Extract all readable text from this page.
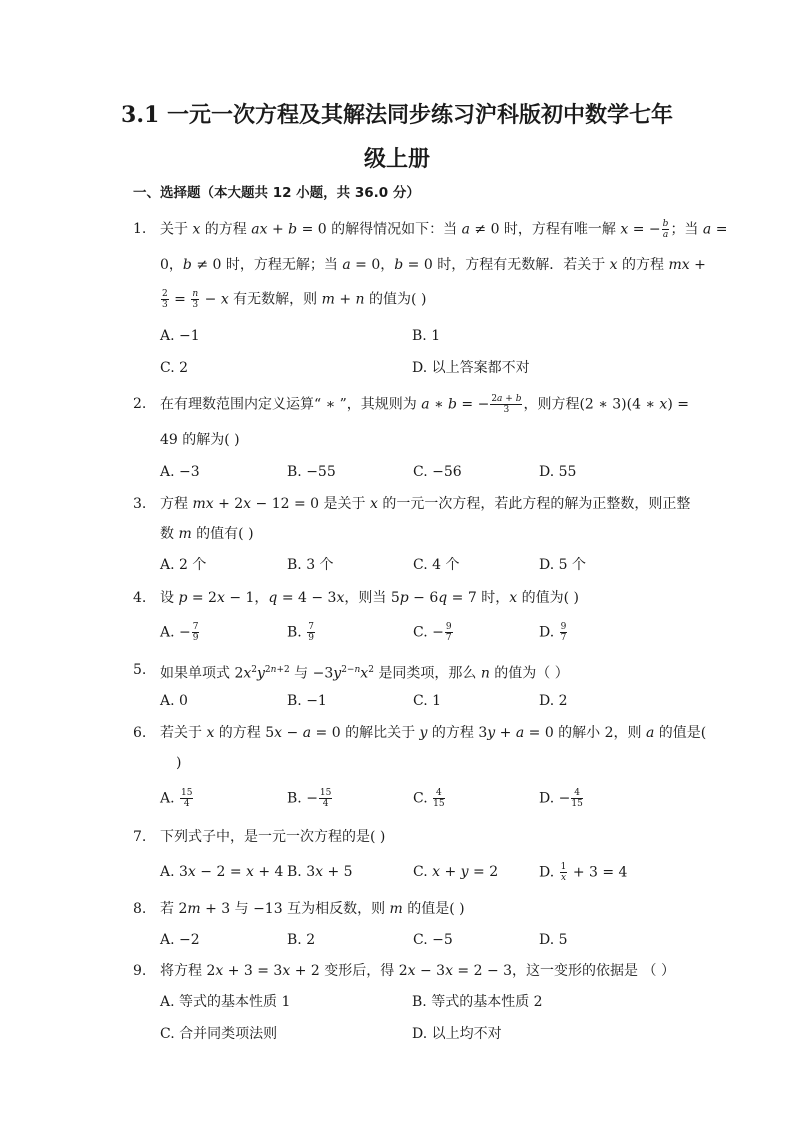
3.1 一元一次方程及其解法同步练习沪科版初中数学七年
级上册
一、选择题（本大题共 12 小题，共 36.0 分）
1. 关于 x 的方程 ax + b = 0 的解得情况如下：当 a ≠ 0 时，方程有唯一解 x = − $\frac{b}{a}$ ；当 a =
0，b ≠ 0 时，方程无解；当 a = 0，b = 0 时，方程有无数解．若关于 x 的方程 mx +
$\frac{2}{3} = \frac{n}{3} - x$ 有无数解，则 m + n 的值为( )
A. −1	B. 1
C. 2	D. 以上答案都不对
2. 在有理数范围内定义运算“ ∗ ”，其规则为 a ∗ b = − $\frac{2a + b}{3}$ ，则方程(2 ∗ 3)(4 ∗ x) =
49 的解为( )
A. −3	B. −55	C. −56	D. 55
3. 方程 mx + 2x − 12 = 0 是关于 x 的一元一次方程，若此方程的解为正整数，则正整
数 m 的值有( )
A. 2 个	B. 3 个	C. 4 个	D. 5 个
4. 设 p = 2x − 1，q = 4 − 3x，则当 5p − 6q = 7 时，x 的值为( )
A. − $\frac{7}{9}$	B. $\frac{7}{9}$	C. − $\frac{9}{7}$	D. $\frac{9}{7}$
5. 如果单项式 $2x^2y^{2n+2}$ 与 $-3y^{2-n}x^2$ 是同类项，那么 n 的值为（ ）
A. 0	B. −1	C. 1	D. 2
6. 若关于 x 的方程 5x − a = 0 的解比关于 y 的方程 3y + a = 0 的解小 2，则 a 的值是(
)
A. $\frac{15}{4}$	B. − $\frac{15}{4}$	C. $\frac{4}{15}$	D. − $\frac{4}{15}$
7. 下列式子中，是一元一次方程的是( )
A. 3x − 2 = x + 4 B. 3x + 5	C. x + y = 2	D. $\frac{1}{x} + 3 = 4$
8. 若 2m + 3 与 −13 互为相反数，则 m 的值是( )
A. −2	B. 2	C. −5	D. 5
9. 将方程 2x + 3 = 3x + 2 变形后，得 2x − 3x = 2 − 3，这一变形的依据是 （ ）
A. 等式的基本性质 1	B. 等式的基本性质 2
C. 合并同类项法则	D. 以上均不对
